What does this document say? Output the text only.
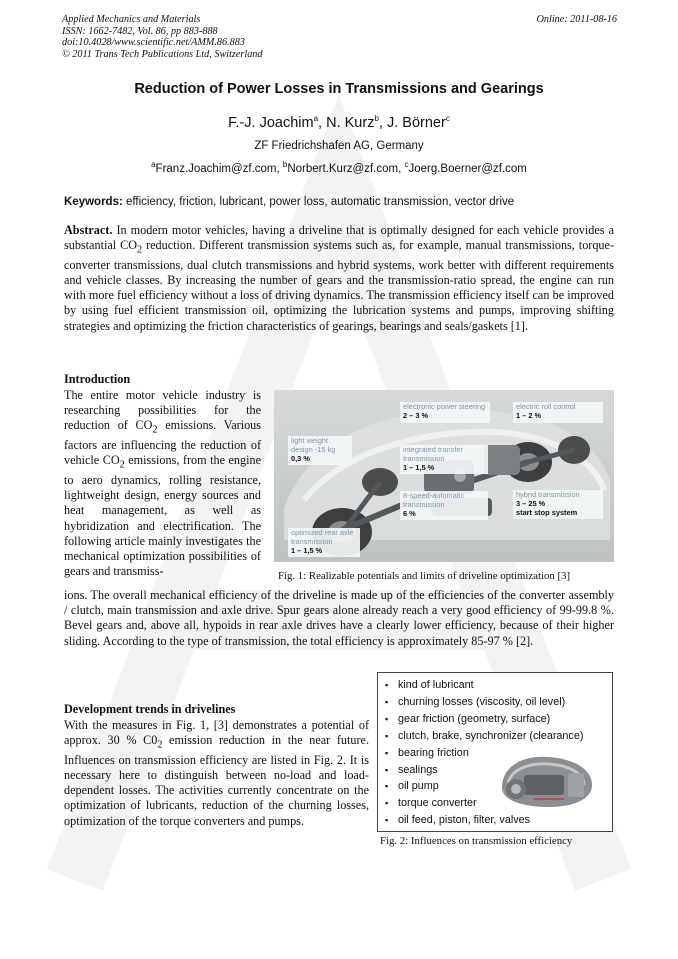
Applied Mechanics and Materials
ISSN: 1662-7482, Vol. 86, pp 883-888
doi:10.4028/www.scientific.net/AMM.86.883
© 2011 Trans Tech Publications Ltd, Switzerland
Online: 2011-08-16
Reduction of Power Losses in Transmissions and Gearings
F.-J. Joachim$^a$, N. Kurz$^b$, J. Börner$^c$
ZF Friedrichshafen AG, Germany
$^a$Franz.Joachim@zf.com, $^b$Norbert.Kurz@zf.com, $^c$Joerg.Boerner@zf.com
Keywords: efficiency, friction, lubricant, power loss, automatic transmission, vector drive
Abstract. In modern motor vehicles, having a driveline that is optimally designed for each vehicle provides a substantial $CO_2$ reduction. Different transmission systems such as, for example, manual transmissions, torque-converter transmissions, dual clutch transmissions and hybrid systems, work better with different requirements and vehicle classes. By increasing the number of gears and the transmission-ratio spread, the engine can run with more fuel efficiency without a loss of driving dynamics. The transmission efficiency itself can be improved by using fuel efficient transmission oil, optimizing the lubrication systems and pumps, improving shifting strategies and optimizing the friction characteristics of gearings, bearings and seals/gaskets [1].
Introduction
The entire motor vehicle industry is researching possibilities for the reduction of $CO_2$ emissions. Various factors are influencing the reduction of vehicle $CO_2$ emissions, from the engine to aero dynamics, rolling resistance, lightweight design, energy sources and heat management, as well as hybridization and electrification. The following article mainly investigates the mechanical optimization possibilities of gears and transmiss-
ions. The overall mechanical efficiency of the driveline is made up of the efficiencies of the converter assembly / clutch, main transmission and axle drive. Spur gears alone already reach a very good efficiency of 99-99.8 %. Bevel gears and, above all, hypoids in rear axle drives have a clearly lower efficiency, because of their higher sliding. According to the type of transmission, the total efficiency is approximately 85-97 % [2].
electronic power steering
2 – 3 %
electric roll control
1 – 2 %
light weight design -15 kg
0,3 %
integrated transfer transmission
1 – 1,5 %
8-speed-automatic transmission
6 %
hybrid transmission
3 – 25 %
start stop system
optimized rear axle transmission
1 – 1,5 %
Fig. 1: Realizable potentials and limits of driveline optimization [3]
Development trends in drivelines
With the measures in Fig. 1, [3] demonstrates a potential of approx. 30 % $C0_2$ emission reduction in the near future. Influences on transmission efficiency are listed in Fig. 2. It is necessary here to distinguish between no-load and load-dependent losses. The activities currently concentrate on the optimization of lubricants, reduction of the churning losses, optimization of the torque converters and pumps.
▪ kind of lubricant
▪ churning losses (viscosity, oil level)
▪ gear friction (geometry, surface)
▪ clutch, brake, synchronizer (clearance)
▪ bearing friction
▪ sealings
▪ oil pump
▪ torque converter
▪ oil feed, piston, filter, valves
Fig. 2: Influences on transmission efficiency
